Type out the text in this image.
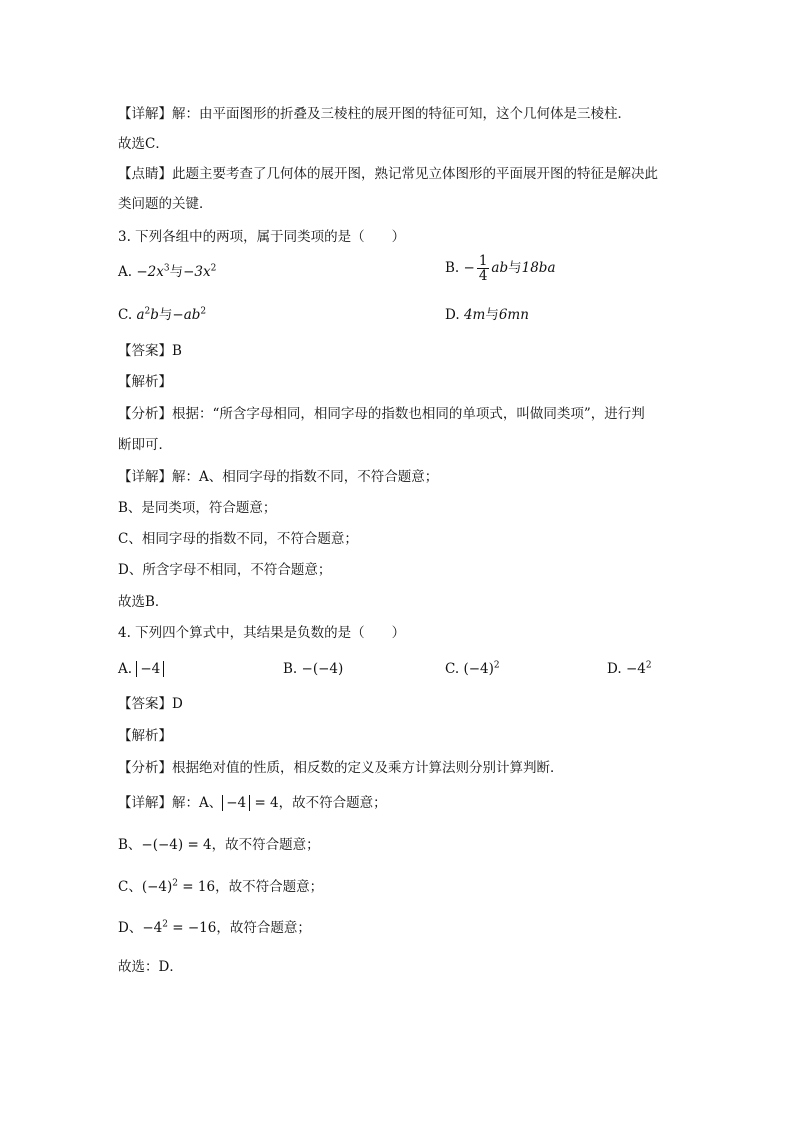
【详解】解：由平面图形的折叠及三棱柱的展开图的特征可知，这个几何体是三棱柱．
故选C．
【点睛】此题主要考查了几何体的展开图，熟记常见立体图形的平面展开图的特征是解决此
类问题的关键．
3. 下列各组中的两项，属于同类项的是（　　）
A. $-2x^3$与$-3x^2$	B. − $\frac{1}{4}$ ab与18ba
C. $a^2b$与$-ab^2$	D. 4m与6mn
【答案】B
【解析】
【分析】根据：“所含字母相同，相同字母的指数也相同的单项式，叫做同类项”，进行判
断即可．
【详解】解：A、相同字母的指数不同，不符合题意；
B、是同类项，符合题意；
C、相同字母的指数不同，不符合题意；
D、所含字母不相同，不符合题意；
故选B．
4. 下列四个算式中，其结果是负数的是（　　）
A. −4	B. −(−4)	C. $(-4)^2$	D. $-4^2$
【答案】D
【解析】
【分析】根据绝对值的性质，相反数的定义及乘方计算法则分别计算判断．
【详解】解：A、 −4 = 4，故不符合题意；
B、−(−4) = 4，故不符合题意；
C、$(-4)^2 = 16$，故不符合题意；
D、$-4^2 = -16$，故符合题意；
故选：D．
